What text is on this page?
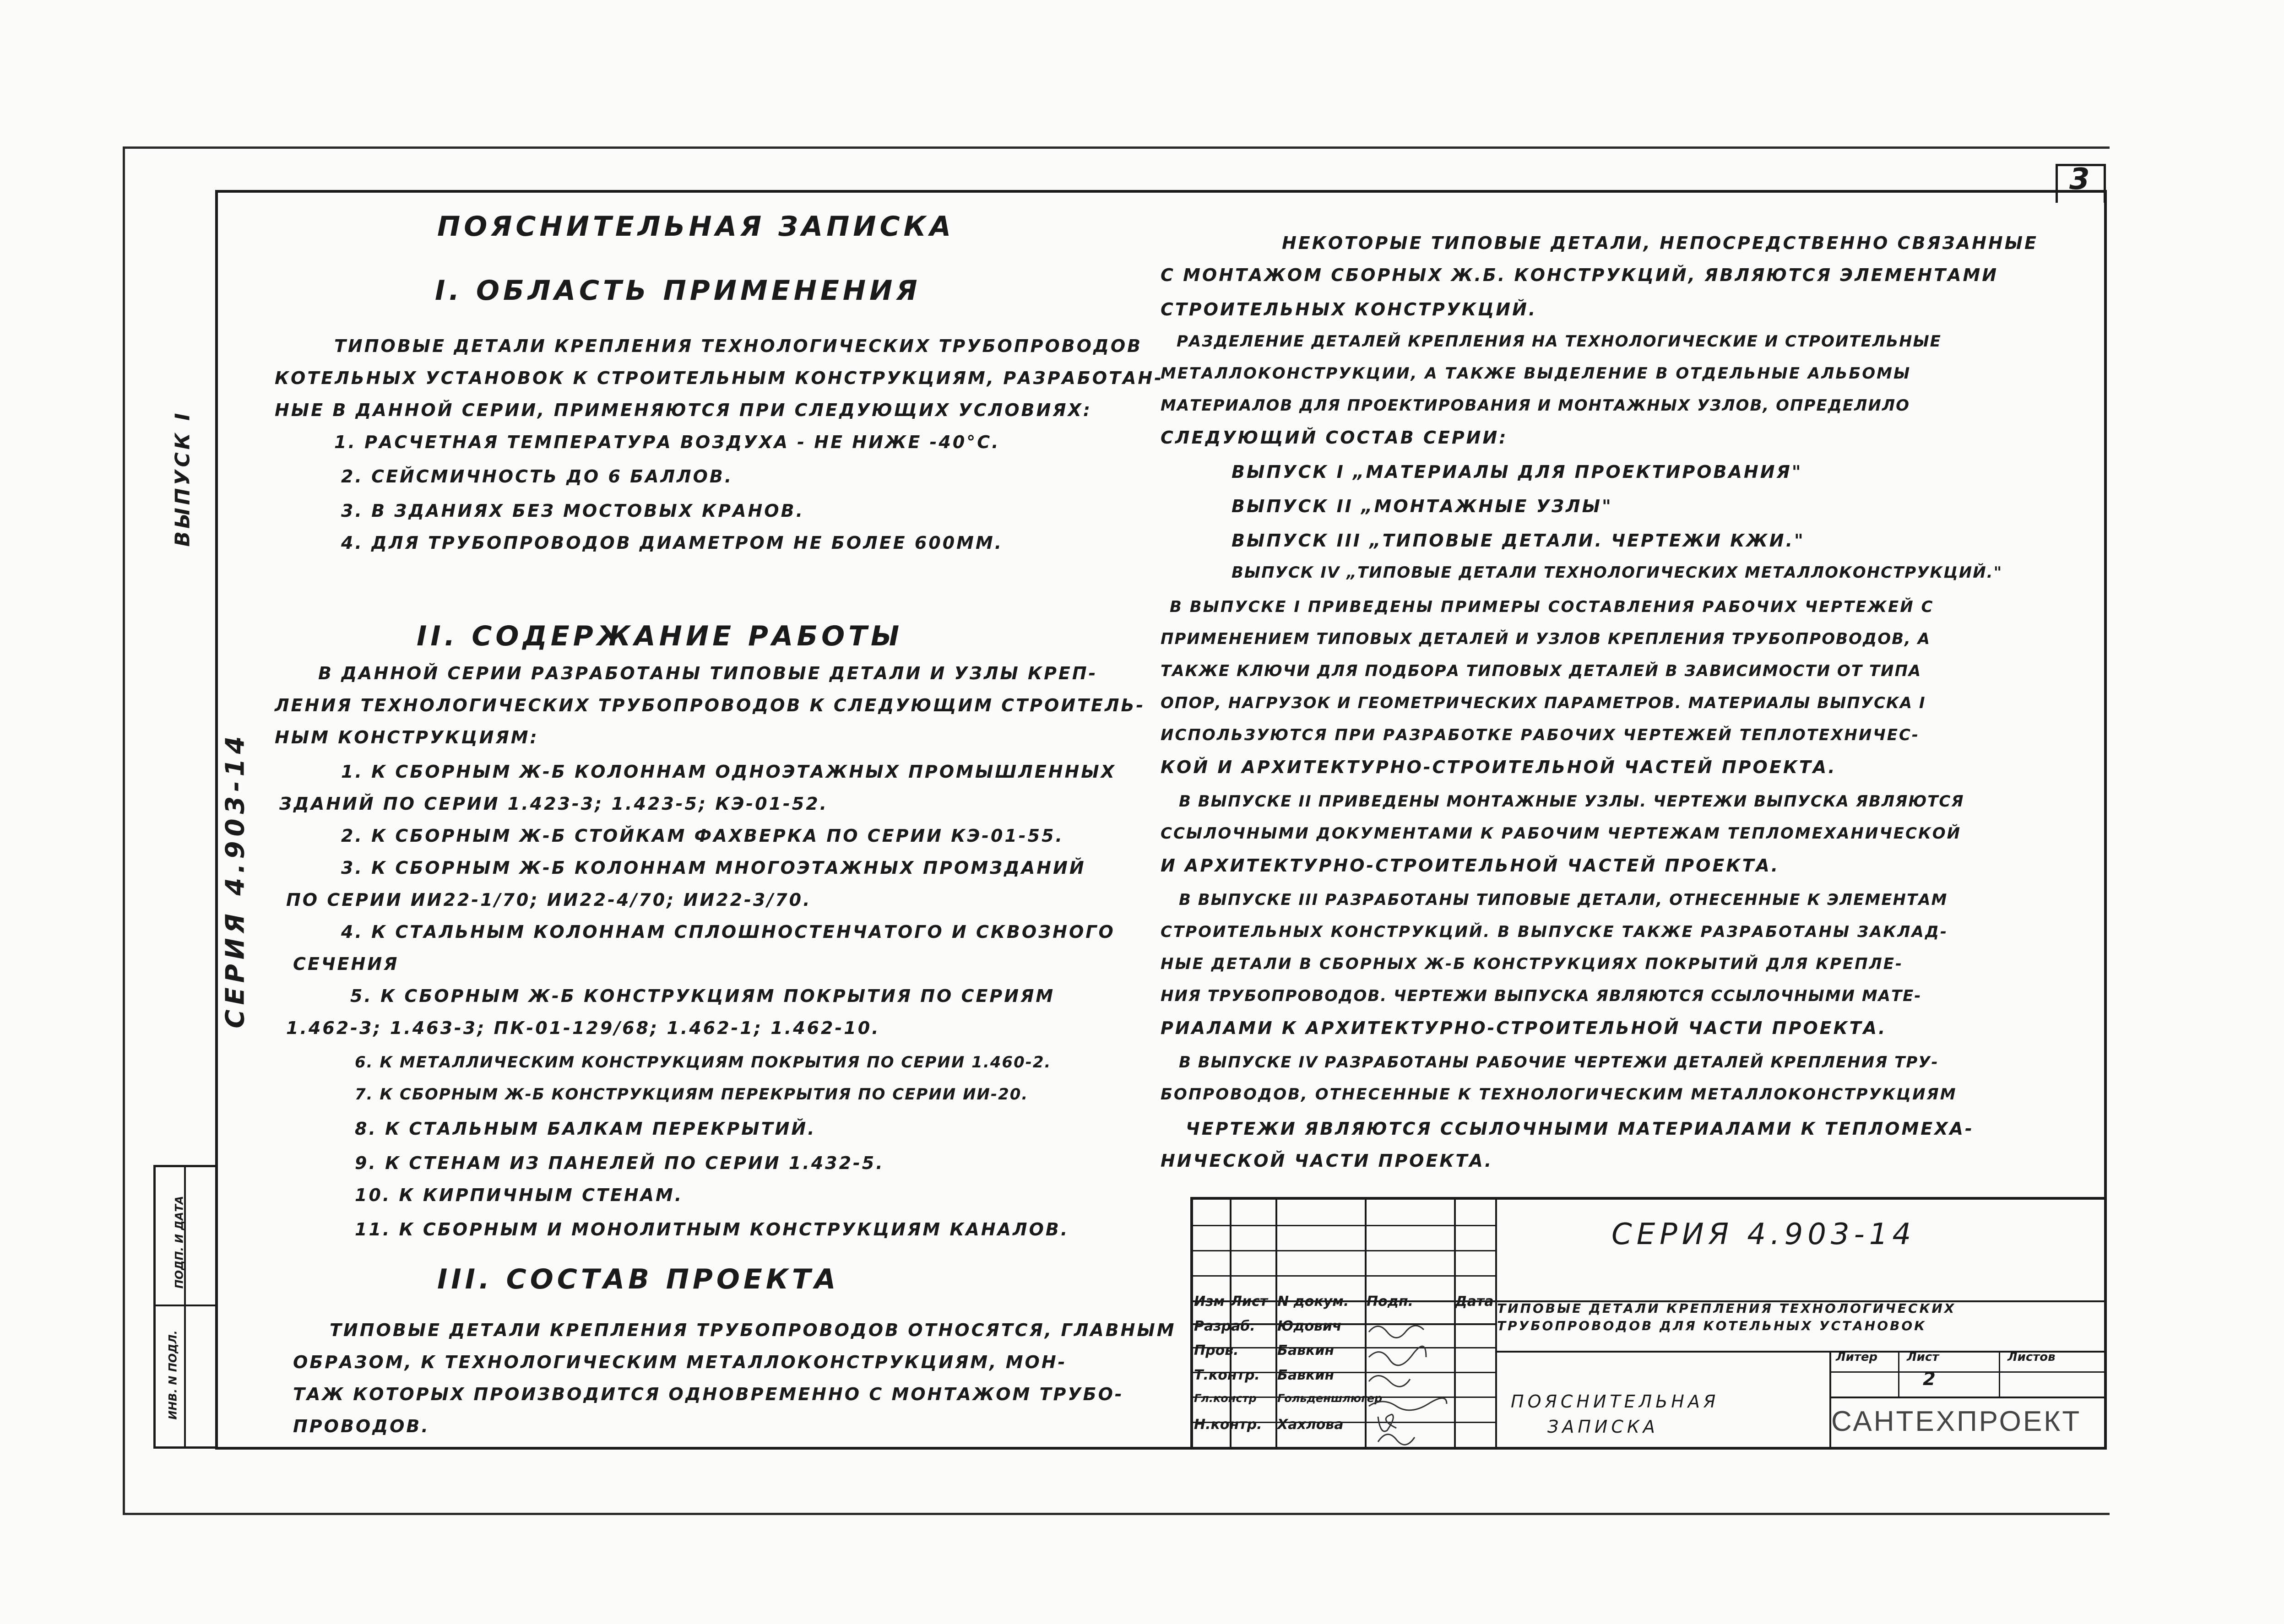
3
ВЫПУСК I
СЕРИЯ 4.903-14
ИНВ. N ПОДЛ.
ПОДП. И ДАТА
ПОЯСНИТЕЛЬНАЯ ЗАПИСКА
I. ОБЛАСТЬ ПРИМЕНЕНИЯ
ТИПОВЫЕ ДЕТАЛИ КРЕПЛЕНИЯ ТЕХНОЛОГИЧЕСКИХ ТРУБОПРОВОДОВ
КОТЕЛЬНЫХ УСТАНОВОК К СТРОИТЕЛЬНЫМ КОНСТРУКЦИЯМ, РАЗРАБОТАН-
НЫЕ В ДАННОЙ СЕРИИ, ПРИМЕНЯЮТСЯ ПРИ СЛЕДУЮЩИХ УСЛОВИЯХ:
1. РАСЧЕТНАЯ ТЕМПЕРАТУРА ВОЗДУХА - НЕ НИЖЕ -40°С.
2. СЕЙСМИЧНОСТЬ ДО 6 БАЛЛОВ.
3. В ЗДАНИЯХ БЕЗ МОСТОВЫХ КРАНОВ.
4. ДЛЯ ТРУБОПРОВОДОВ ДИАМЕТРОМ НЕ БОЛЕЕ 600ММ.
II. СОДЕРЖАНИЕ РАБОТЫ
В ДАННОЙ СЕРИИ РАЗРАБОТАНЫ ТИПОВЫЕ ДЕТАЛИ И УЗЛЫ КРЕП-
ЛЕНИЯ ТЕХНОЛОГИЧЕСКИХ ТРУБОПРОВОДОВ К СЛЕДУЮЩИМ СТРОИТЕЛЬ-
НЫМ КОНСТРУКЦИЯМ:
1. К СБОРНЫМ Ж-Б КОЛОННАМ ОДНОЭТАЖНЫХ ПРОМЫШЛЕННЫХ
ЗДАНИЙ ПО СЕРИИ 1.423-3; 1.423-5; КЭ-01-52.
2. К СБОРНЫМ Ж-Б СТОЙКАМ ФАХВЕРКА ПО СЕРИИ КЭ-01-55.
3. К СБОРНЫМ Ж-Б КОЛОННАМ МНОГОЭТАЖНЫХ ПРОМЗДАНИЙ
ПО СЕРИИ ИИ22-1/70; ИИ22-4/70; ИИ22-3/70.
4. К СТАЛЬНЫМ КОЛОННАМ СПЛОШНОСТЕНЧАТОГО И СКВОЗНОГО
СЕЧЕНИЯ
5. К СБОРНЫМ Ж-Б КОНСТРУКЦИЯМ ПОКРЫТИЯ ПО СЕРИЯМ
1.462-3; 1.463-3; ПК-01-129/68; 1.462-1; 1.462-10.
6. К МЕТАЛЛИЧЕСКИМ КОНСТРУКЦИЯМ ПОКРЫТИЯ ПО СЕРИИ 1.460-2.
7. К СБОРНЫМ Ж-Б КОНСТРУКЦИЯМ ПЕРЕКРЫТИЯ ПО СЕРИИ ИИ-20.
8. К СТАЛЬНЫМ БАЛКАМ ПЕРЕКРЫТИЙ.
9. К СТЕНАМ ИЗ ПАНЕЛЕЙ ПО СЕРИИ 1.432-5.
10. К КИРПИЧНЫМ СТЕНАМ.
11. К СБОРНЫМ И МОНОЛИТНЫМ КОНСТРУКЦИЯМ КАНАЛОВ.
III. СОСТАВ ПРОЕКТА
ТИПОВЫЕ ДЕТАЛИ КРЕПЛЕНИЯ ТРУБОПРОВОДОВ ОТНОСЯТСЯ, ГЛАВНЫМ
ОБРАЗОМ, К ТЕХНОЛОГИЧЕСКИМ МЕТАЛЛОКОНСТРУКЦИЯМ, МОН-
ТАЖ КОТОРЫХ ПРОИЗВОДИТСЯ ОДНОВРЕМЕННО С МОНТАЖОМ ТРУБО-
ПРОВОДОВ.
НЕКОТОРЫЕ ТИПОВЫЕ ДЕТАЛИ, НЕПОСРЕДСТВЕННО СВЯЗАННЫЕ
С МОНТАЖОМ СБОРНЫХ Ж.Б. КОНСТРУКЦИЙ, ЯВЛЯЮТСЯ ЭЛЕМЕНТАМИ
СТРОИТЕЛЬНЫХ КОНСТРУКЦИЙ.
РАЗДЕЛЕНИЕ ДЕТАЛЕЙ КРЕПЛЕНИЯ НА ТЕХНОЛОГИЧЕСКИЕ И СТРОИТЕЛЬНЫЕ
МЕТАЛЛОКОНСТРУКЦИИ, А ТАКЖЕ ВЫДЕЛЕНИЕ В ОТДЕЛЬНЫЕ АЛЬБОМЫ
МАТЕРИАЛОВ ДЛЯ ПРОЕКТИРОВАНИЯ И МОНТАЖНЫХ УЗЛОВ, ОПРЕДЕЛИЛО
СЛЕДУЮЩИЙ СОСТАВ СЕРИИ:
ВЫПУСК I „МАТЕРИАЛЫ ДЛЯ ПРОЕКТИРОВАНИЯ"
ВЫПУСК II „МОНТАЖНЫЕ УЗЛЫ"
ВЫПУСК III „ТИПОВЫЕ ДЕТАЛИ. ЧЕРТЕЖИ КЖИ."
ВЫПУСК IV „ТИПОВЫЕ ДЕТАЛИ ТЕХНОЛОГИЧЕСКИХ МЕТАЛЛОКОНСТРУКЦИЙ."
В ВЫПУСКЕ I ПРИВЕДЕНЫ ПРИМЕРЫ СОСТАВЛЕНИЯ РАБОЧИХ ЧЕРТЕЖЕЙ С
ПРИМЕНЕНИЕМ ТИПОВЫХ ДЕТАЛЕЙ И УЗЛОВ КРЕПЛЕНИЯ ТРУБОПРОВОДОВ, А
ТАКЖЕ КЛЮЧИ ДЛЯ ПОДБОРА ТИПОВЫХ ДЕТАЛЕЙ В ЗАВИСИМОСТИ ОТ ТИПА
ОПОР, НАГРУЗОК И ГЕОМЕТРИЧЕСКИХ ПАРАМЕТРОВ. МАТЕРИАЛЫ ВЫПУСКА I
ИСПОЛЬЗУЮТСЯ ПРИ РАЗРАБОТКЕ РАБОЧИХ ЧЕРТЕЖЕЙ ТЕПЛОТЕХНИЧЕС-
КОЙ И АРХИТЕКТУРНО-СТРОИТЕЛЬНОЙ ЧАСТЕЙ ПРОЕКТА.
В ВЫПУСКЕ II ПРИВЕДЕНЫ МОНТАЖНЫЕ УЗЛЫ. ЧЕРТЕЖИ ВЫПУСКА ЯВЛЯЮТСЯ
ССЫЛОЧНЫМИ ДОКУМЕНТАМИ К РАБОЧИМ ЧЕРТЕЖАМ ТЕПЛОМЕХАНИЧЕСКОЙ
И АРХИТЕКТУРНО-СТРОИТЕЛЬНОЙ ЧАСТЕЙ ПРОЕКТА.
В ВЫПУСКЕ III РАЗРАБОТАНЫ ТИПОВЫЕ ДЕТАЛИ, ОТНЕСЕННЫЕ К ЭЛЕМЕНТАМ
СТРОИТЕЛЬНЫХ КОНСТРУКЦИЙ. В ВЫПУСКЕ ТАКЖЕ РАЗРАБОТАНЫ ЗАКЛАД-
НЫЕ ДЕТАЛИ В СБОРНЫХ Ж-Б КОНСТРУКЦИЯХ ПОКРЫТИЙ ДЛЯ КРЕПЛЕ-
НИЯ ТРУБОПРОВОДОВ. ЧЕРТЕЖИ ВЫПУСКА ЯВЛЯЮТСЯ ССЫЛОЧНЫМИ МАТЕ-
РИАЛАМИ К АРХИТЕКТУРНО-СТРОИТЕЛЬНОЙ ЧАСТИ ПРОЕКТА.
В ВЫПУСКЕ IV РАЗРАБОТАНЫ РАБОЧИЕ ЧЕРТЕЖИ ДЕТАЛЕЙ КРЕПЛЕНИЯ ТРУ-
БОПРОВОДОВ, ОТНЕСЕННЫЕ К ТЕХНОЛОГИЧЕСКИМ МЕТАЛЛОКОНСТРУКЦИЯМ
ЧЕРТЕЖИ ЯВЛЯЮТСЯ ССЫЛОЧНЫМИ МАТЕРИАЛАМИ К ТЕПЛОМЕХА-
НИЧЕСКОЙ ЧАСТИ ПРОЕКТА.
СЕРИЯ 4.903-14
ТИПОВЫЕ ДЕТАЛИ КРЕПЛЕНИЯ ТЕХНОЛОГИЧЕСКИХ
ТРУБОПРОВОДОВ ДЛЯ КОТЕЛЬНЫХ УСТАНОВОК
Изм Лист N докум. Подп.	Дата
Разраб. Юдович
Пров.	Бавкин
Т.контр. Бавкин
Гл.констр Гольденшлюгер
Н.контр. Хахлова
Литер Лист	Листов
2
ПОЯСНИТЕЛЬНАЯ
ЗАПИСКА	САНТЕХПРОЕКТ
